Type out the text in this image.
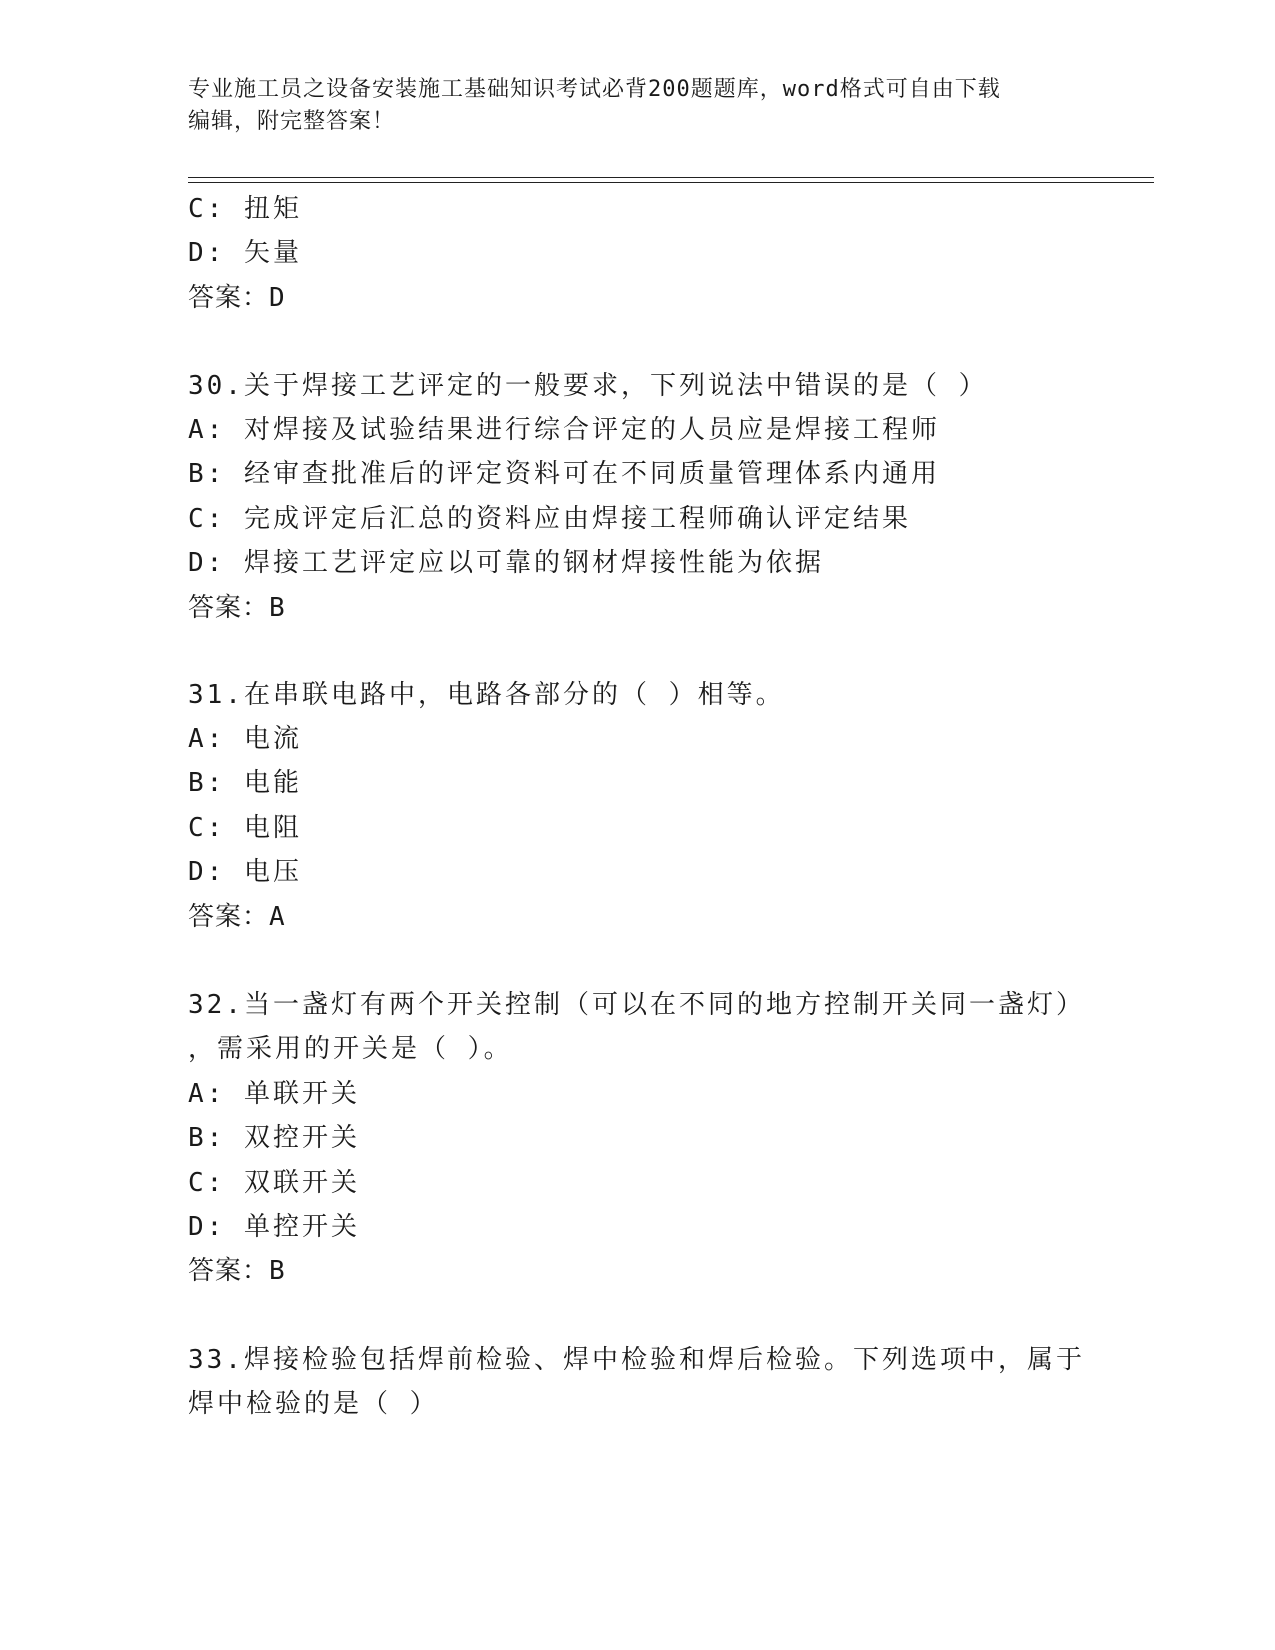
专业施工员之设备安装施工基础知识考试必背200题题库，word格式可自由下载
编辑，附完整答案！
C: 扭矩
D: 矢量
答案：D
30.关于焊接工艺评定的一般要求，下列说法中错误的是（ ）
A: 对焊接及试验结果进行综合评定的人员应是焊接工程师
B: 经审查批准后的评定资料可在不同质量管理体系内通用
C: 完成评定后汇总的资料应由焊接工程师确认评定结果
D: 焊接工艺评定应以可靠的钢材焊接性能为依据
答案：B
31.在串联电路中，电路各部分的（ ）相等。
A: 电流
B: 电能
C: 电阻
D: 电压
答案：A
32.当一盏灯有两个开关控制（可以在不同的地方控制开关同一盏灯）
，需采用的开关是（ ）。
A: 单联开关
B: 双控开关
C: 双联开关
D: 单控开关
答案：B
33.焊接检验包括焊前检验、焊中检验和焊后检验。下列选项中，属于
焊中检验的是（ ）
